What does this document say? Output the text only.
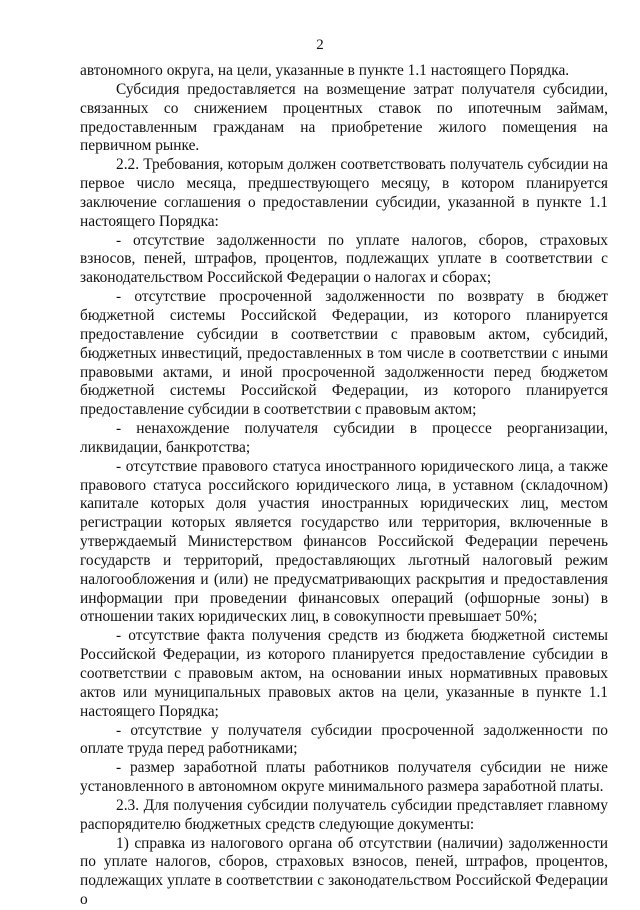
2

автономного округа, на цели, указанные в пункте 1.1 настоящего Порядка.

Субсидия предоставляется на возмещение затрат получателя субсидии, связанных со снижением процентных ставок по ипотечным займам, предоставленным гражданам на приобретение жилого помещения на первичном рынке.

2.2. Требования, которым должен соответствовать получатель субсидии на первое число месяца, предшествующего месяцу, в котором планируется заключение соглашения о предоставлении субсидии, указанной в пункте 1.1 настоящего Порядка:

- отсутствие задолженности по уплате налогов, сборов, страховых взносов, пеней, штрафов, процентов, подлежащих уплате в соответствии с законодательством Российской Федерации о налогах и сборах;

- отсутствие просроченной задолженности по возврату в бюджет бюджетной системы Российской Федерации, из которого планируется предоставление субсидии в соответствии с правовым актом, субсидий, бюджетных инвестиций, предоставленных в том числе в соответствии с иными правовыми актами, и иной просроченной задолженности перед бюджетом бюджетной системы Российской Федерации, из которого планируется предоставление субсидии в соответствии с правовым актом;

- ненахождение получателя субсидии в процессе реорганизации, ликвидации, банкротства;

- отсутствие правового статуса иностранного юридического лица, а также правового статуса российского юридического лица, в уставном (складочном) капитале которых доля участия иностранных юридических лиц, местом регистрации которых является государство или территория, включенные в утверждаемый Министерством финансов Российской Федерации перечень государств и территорий, предоставляющих льготный налоговый режим налогообложения и (или) не предусматривающих раскрытия и предоставления информации при проведении финансовых операций (офшорные зоны) в отношении таких юридических лиц, в совокупности превышает 50%;

- отсутствие факта получения средств из бюджета бюджетной системы Российской Федерации, из которого планируется предоставление субсидии в соответствии с правовым актом, на основании иных нормативных правовых актов или муниципальных правовых актов на цели, указанные в пункте 1.1 настоящего Порядка;

- отсутствие у получателя субсидии просроченной задолженности по оплате труда перед работниками;

- размер заработной платы работников получателя субсидии не ниже установленного в автономном округе минимального размера заработной платы.

2.3. Для получения субсидии получатель субсидии представляет главному распорядителю бюджетных средств следующие документы:

1) справка из налогового органа об отсутствии (наличии) задолженности по уплате налогов, сборов, страховых взносов, пеней, штрафов, процентов, подлежащих уплате в соответствии с законодательством Российской Федерации о
